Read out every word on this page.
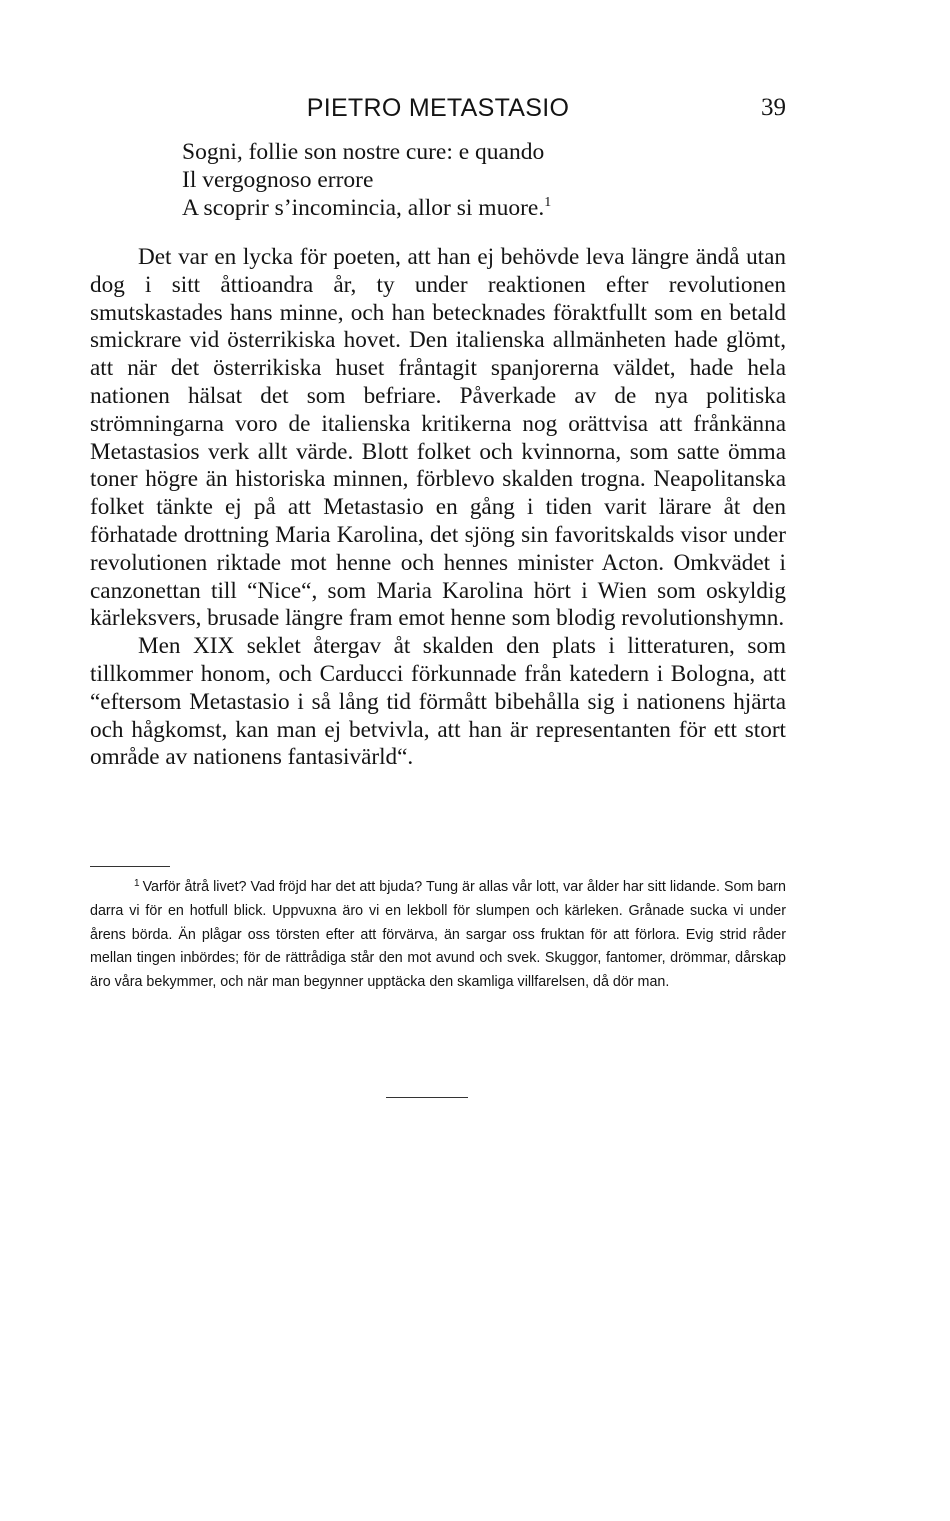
PIETRO METASTASIO	39
Sogni, follie son nostre cure: e quando
Il vergognoso errore
A scoprir s’incomincia, allor si muore.$^1$

Det var en lycka för poeten, att han ej behövde leva längre ändå utan dog i sitt åttioandra år, ty under reaktionen efter revolutionen smutskastades hans minne, och han betecknades föraktfullt som en betald smickrare vid österrikiska hovet. Den italienska allmänheten hade glömt, att när det österrikiska huset fråntagit spanjorerna väldet, hade hela nationen hälsat det som befriare. Påverkade av de nya politiska strömningarna voro de italienska kritikerna nog orättvisa att frånkänna Metastasios verk allt värde. Blott folket och kvinnorna, som satte ömma toner högre än historiska minnen, förblevo skalden trogna. Neapolitanska folket tänkte ej på att Metastasio en gång i tiden varit lärare åt den förhatade drottning Maria Karolina, det sjöng sin favoritskalds visor under revolutionen riktade mot henne och hennes minister Acton. Omkvädet i canzonettan till “Nice“, som Maria Karolina hört i Wien som oskyldig kärleksvers, brusade längre fram emot henne som blodig revolutionshymn.

Men XIX seklet återgav åt skalden den plats i litteraturen, som tillkommer honom, och Carducci förkunnade från katedern i Bologna, att “eftersom Metastasio i så lång tid förmått bibehålla sig i nationens hjärta och hågkomst, kan man ej betvivla, att han är representanten för ett stort område av nationens fantasivärld“.

$^1$ Varför åtrå livet? Vad fröjd har det att bjuda? Tung är allas vår lott, var ålder har sitt lidande. Som barn darra vi för en hotfull blick. Uppvuxna äro vi en lekboll för slumpen och kärleken. Grånade sucka vi under årens börda. Än plågar oss törsten efter att förvärva, än sargar oss fruktan för att förlora. Evig strid råder mellan tingen inbördes; för de rättrådiga står den mot avund och svek. Skuggor, fantomer, drömmar, dårskap äro våra bekymmer, och när man begynner upptäcka den skamliga villfarelsen, då dör man.
